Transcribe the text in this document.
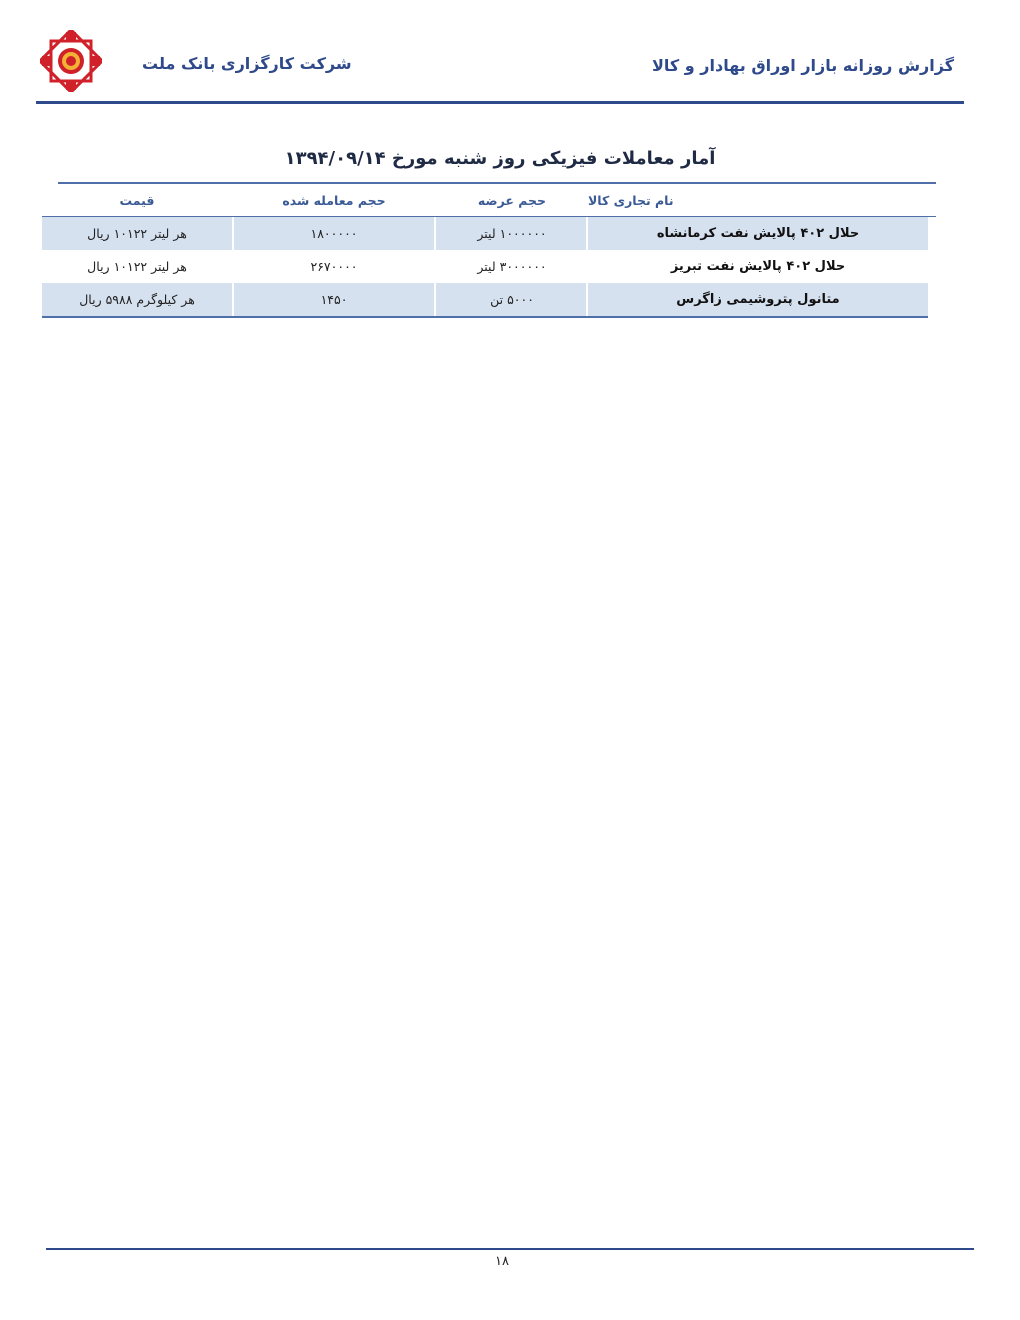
شرکت کارگزاری بانک ملت	گزارش روزانه بازار اوراق بهادار و کالا
آمار معاملات فیزیکی روز شنبه مورخ ۱۳۹۴/۰۹/۱۴
نام تجاری کالا
حجم عرضه
حجم معامله شده
قیمت
حلال ۴۰۲ پالایش نفت کرمانشاه
۱۰۰۰۰۰۰ لیتر
۱۸۰۰۰۰۰
هر لیتر ۱۰۱۲۲ ریال
حلال ۴۰۲ پالایش نفت تبریز
۳۰۰۰۰۰۰ لیتر
۲۶۷۰۰۰۰
هر لیتر ۱۰۱۲۲ ریال
متانول پتروشیمی زاگرس
۵۰۰۰ تن
۱۴۵۰
هر کیلوگرم ۵۹۸۸ ریال
۱۸
